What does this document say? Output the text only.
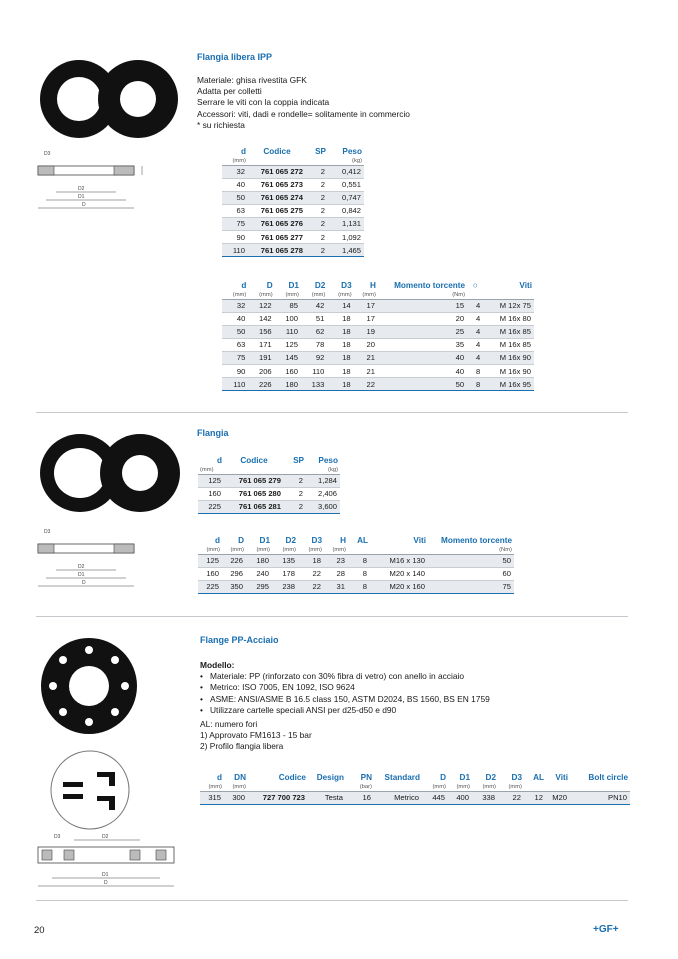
D
D1
D2
D3
Flangia libera IPP
Materiale: ghisa rivestita GFK
Adatta per colletti
Serrare le viti con la coppia indicata
Accessori: viti, dadi e rondelle= solitamente in commercio
* su richiesta
d	Codice	SP	Peso
(mm)			(kg)
32	761 065 272	2	0,412
40	761 065 273	2	0,551
50	761 065 274	2	0,747
63	761 065 275	2	0,842
75	761 065 276	2	1,131
90	761 065 277	2	1,092
110	761 065 278	2	1,465
d	D	D1	D2	D3	H	Momento torcente	○	Viti
(mm)	(mm)	(mm)	(mm)	(mm)	(mm)	(Nm)		
32	122	85	42	14	17	15	4	M 12x 75
40	142	100	51	18	17	20	4	M 16x 80
50	156	110	62	18	19	25	4	M 16x 85
63	171	125	78	18	20	35	4	M 16x 85
75	191	145	92	18	21	40	4	M 16x 90
90	206	160	110	18	21	40	8	M 16x 90
110	226	180	133	18	22	50	8	M 16x 95
D
D1
D2
D3
Flangia
d	Codice	SP	Peso
(mm)			(kg)
125	761 065 279	2	1,284
160	761 065 280	2	2,406
225	761 065 281	2	3,600
d	D	D1	D2	D3	H	AL	Viti	Momento torcente
(mm)	(mm)	(mm)	(mm)	(mm)	(mm)			(Nm)
125	226	180	135	18	23	8	M16 x 130	50
160	296	240	178	22	28	8	M20 x 140	60
225	350	295	238	22	31	8	M20 x 160	75
D
D1
D2
D3
Flange PP-Acciaio
Modello:
• Materiale: PP (rinforzato con 30% fibra di vetro) con anello in acciaio
• Metrico: ISO 7005, EN 1092, ISO 9624
• ASME: ANSI/ASME B 16.5 class 150, ASTM D2024, BS 1560, BS EN 1759
• Utilizzare cartelle speciali ANSI per d25-d50 e d90
AL: numero fori
1) Approvato FM1613 - 15 bar
2) Profilo flangia libera
d	DN	Codice	Design	PN	Standard	D	D1	D2	D3	AL	Viti	Bolt circle
(mm)	(mm)			(bar)		(mm)	(mm)	(mm)	(mm)			
315	300	727 700 723	Testa	16	Metrico	445	400	338	22	12	M20	PN10
20	+GF+
